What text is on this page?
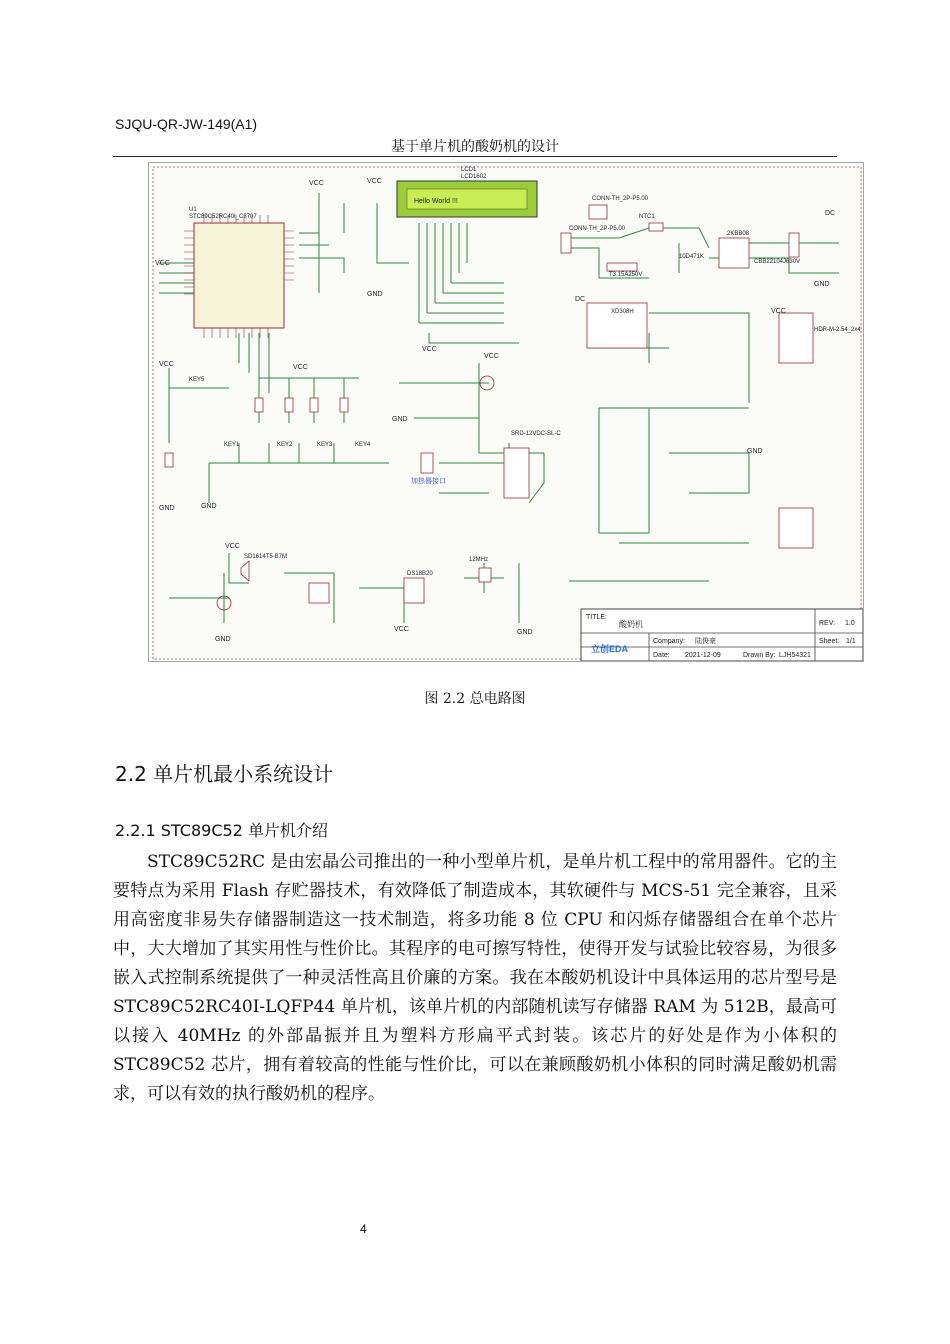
SJQU-QR-JW-149(A1)
基于单片机的酸奶机的设计
U1
STC89C52RC40I_C8707
Hello World !!!
LCD1
LCD1602
CONN-TH_2P-P5.00
CONN-TH_2P-P5.00
NTC1
2KBB08
T3.15A250V
10D471K
CBB22104J630V
XD308H
HDR-M-2.54_2x4
DC
DC
KEY5
KEY1	KEY2	KEY3	KEY4
SRD-12VDC-SL-C
加热器接口
SD1614T5-B7M
DS18B20
12MHz
VCC	VCC
VCC
VCC	VCC
VCC
VCC
VCC
VCC
VCC
GND
GND	GND
GND
GND
GND
GND
GND
TITLE:
酸奶机	REV: 1.0
立创EDA
Company: 陆俊豪	Sheet: 1/1
Date: 2021-12-09	Drawn By: LJH54321
图 2.2 总电路图
2.2 单片机最小系统设计
2.2.1 STC89C52 单片机介绍

STC89C52RC 是由宏晶公司推出的一种小型单片机，是单片机工程中的常用器件。它的主要特点为采用 Flash 存贮器技术，有效降低了制造成本，其软硬件与 MCS-51 完全兼容，且采用高密度非易失存储器制造这一技术制造，将多功能 8 位 CPU 和闪烁存储器组合在单个芯片中，大大增加了其实用性与性价比。其程序的电可擦写特性，使得开发与试验比较容易，为很多嵌入式控制系统提供了一种灵活性高且价廉的方案。我在本酸奶机设计中具体运用的芯片型号是 STC89C52RC40I-LQFP44 单片机，该单片机的内部随机读写存储器 RAM 为 512B，最高可以接入 40MHz 的外部晶振并且为塑料方形扁平式封装。该芯片的好处是作为小体积的 STC89C52 芯片，拥有着较高的性能与性价比，可以在兼顾酸奶机小体积的同时满足酸奶机需求，可以有效的执行酸奶机的程序。

4
